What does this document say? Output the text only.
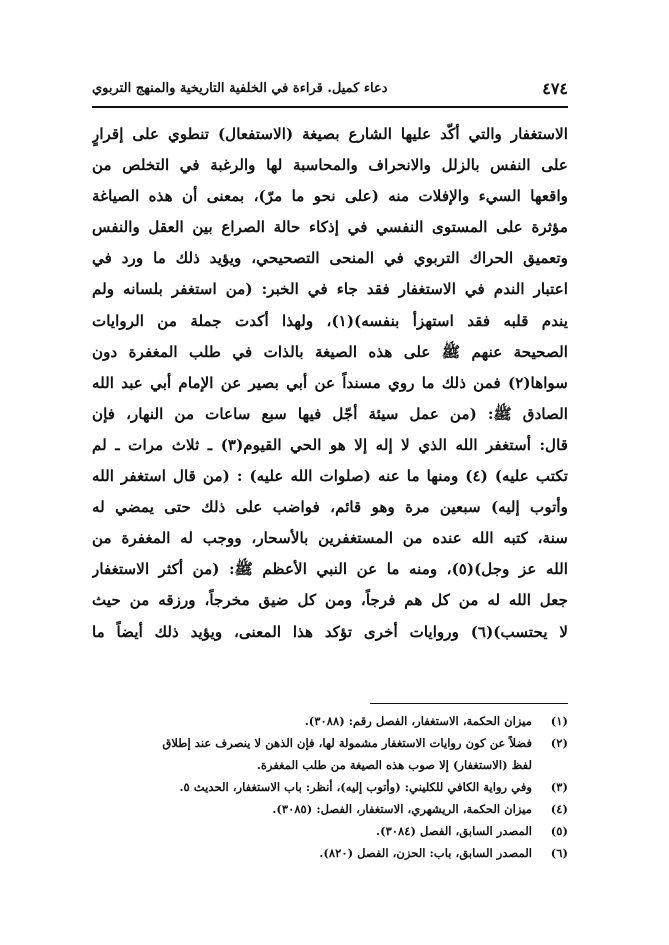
٤٧٤
دعاء كميل. قراءة في الخلفية التاريخية والمنهج التربوي
الاستغفار والتي أكّد عليها الشارع بصيغة (الاستفعال) تنطوي على إقرارٍ
على النفس بالزلل والانحراف والمحاسبة لها والرغبة في التخلص من
واقعها السيء والإفلات منه (على نحو ما مرّ)، بمعنى أن هذه الصياغة
مؤثرة على المستوى النفسي في إذكاء حالة الصراع بين العقل والنفس
وتعميق الحراك التربوي في المنحى التصحيحي، ويؤيد ذلك ما ورد في
اعتبار الندم في الاستغفار فقد جاء في الخبر: (من استغفر بلسانه ولم
يندم قلبه فقد استهزأ بنفسه)(١)، ولهذا أكدت جملة من الروايات
الصحيحة عنهم ﷺ على هذه الصيغة بالذات في طلب المغفرة دون
سواها(٢) فمن ذلك ما روي مسنداً عن أبي بصير عن الإمام أبي عبد الله
الصادق ﷺ: (من عمل سيئة أجّل فيها سبع ساعات من النهار، فإن
قال: أستغفر الله الذي لا إله إلا هو الحي القيوم(٣) ـ ثلاث مرات ـ لم
تكتب عليه) (٤) ومنها ما عنه (صلوات الله عليه) : (من قال استغفر الله
وأتوب إليه) سبعين مرة وهو قائم، فواضب على ذلك حتى يمضي له
سنة، كتبه الله عنده من المستغفرين بالأسحار، ووجب له المغفرة من
الله عز وجل)(٥)، ومنه ما عن النبي الأعظم ﷺ: (من أكثر الاستغفار
جعل الله له من كل هم فرجاً، ومن كل ضيق مخرجاً، ورزقه من حيث
لا يحتسب)(٦) وروايات أخرى تؤكد هذا المعنى، ويؤيد ذلك أيضاً ما
(١)
ميزان الحكمة، الاستغفار، الفصل رقم: (٣٠٨٨).
(٢)
فضلاً عن كون روايات الاستغفار مشمولة لها، فإن الذهن لا ينصرف عند إطلاق
لفظ (الاستغفار) إلا صوب هذه الصيغة من طلب المغفرة.
(٣)
وفي رواية الكافي للكليني: (وأتوب إليه)، أنظر: باب الاستغفار، الحديث ٥.
(٤)
ميزان الحكمة، الريشهري، الاستغفار، الفصل: (٣٠٨٥).
(٥)
المصدر السابق، الفصل (٣٠٨٤).
(٦)
المصدر السابق، باب: الحزن، الفصل (٨٢٠).
